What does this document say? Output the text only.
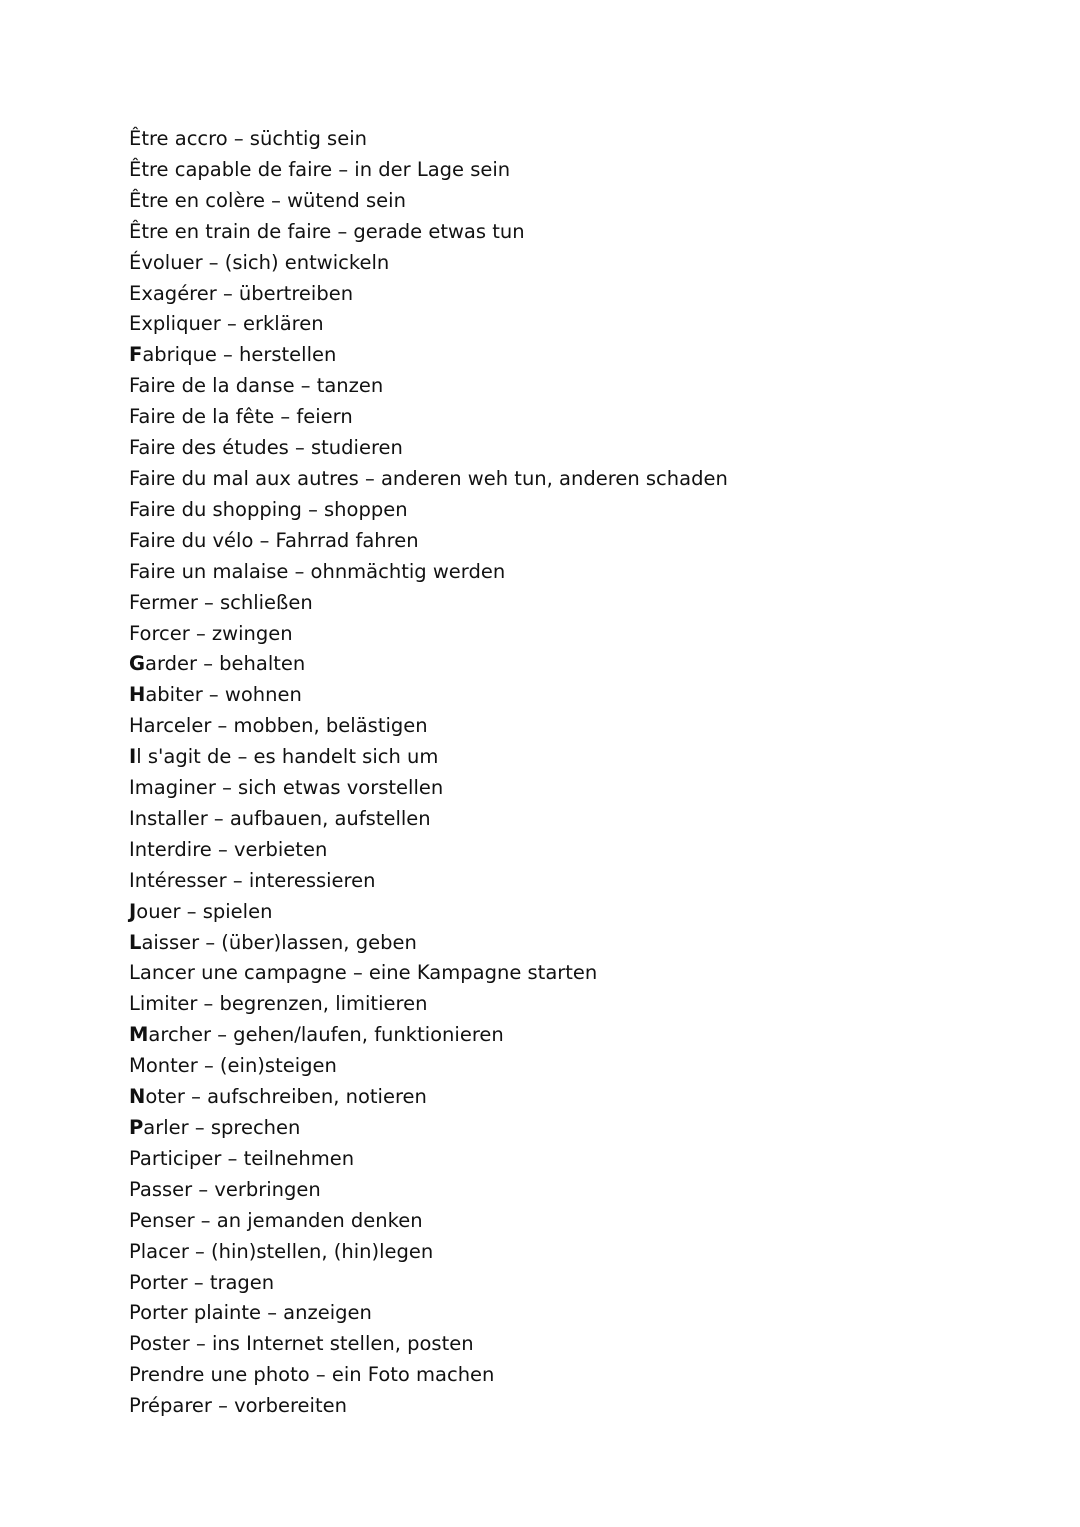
Être accro – süchtig sein
Être capable de faire – in der Lage sein
Être en colère – wütend sein
Être en train de faire – gerade etwas tun
Évoluer – (sich) entwickeln
Exagérer – übertreiben
Expliquer – erklären
Fabrique – herstellen
Faire de la danse – tanzen
Faire de la fête – feiern
Faire des études – studieren
Faire du mal aux autres – anderen weh tun, anderen schaden
Faire du shopping – shoppen
Faire du vélo – Fahrrad fahren
Faire un malaise – ohnmächtig werden
Fermer – schließen
Forcer – zwingen
Garder – behalten
Habiter – wohnen
Harceler – mobben, belästigen
Il s'agit de – es handelt sich um
Imaginer – sich etwas vorstellen
Installer – aufbauen, aufstellen
Interdire – verbieten
Intéresser – interessieren
Jouer – spielen
Laisser – (über)lassen, geben
Lancer une campagne – eine Kampagne starten
Limiter – begrenzen, limitieren
Marcher – gehen/laufen, funktionieren
Monter – (ein)steigen
Noter – aufschreiben, notieren
Parler – sprechen
Participer – teilnehmen
Passer – verbringen
Penser – an jemanden denken
Placer – (hin)stellen, (hin)legen
Porter – tragen
Porter plainte – anzeigen
Poster – ins Internet stellen, posten
Prendre une photo – ein Foto machen
Préparer – vorbereiten
